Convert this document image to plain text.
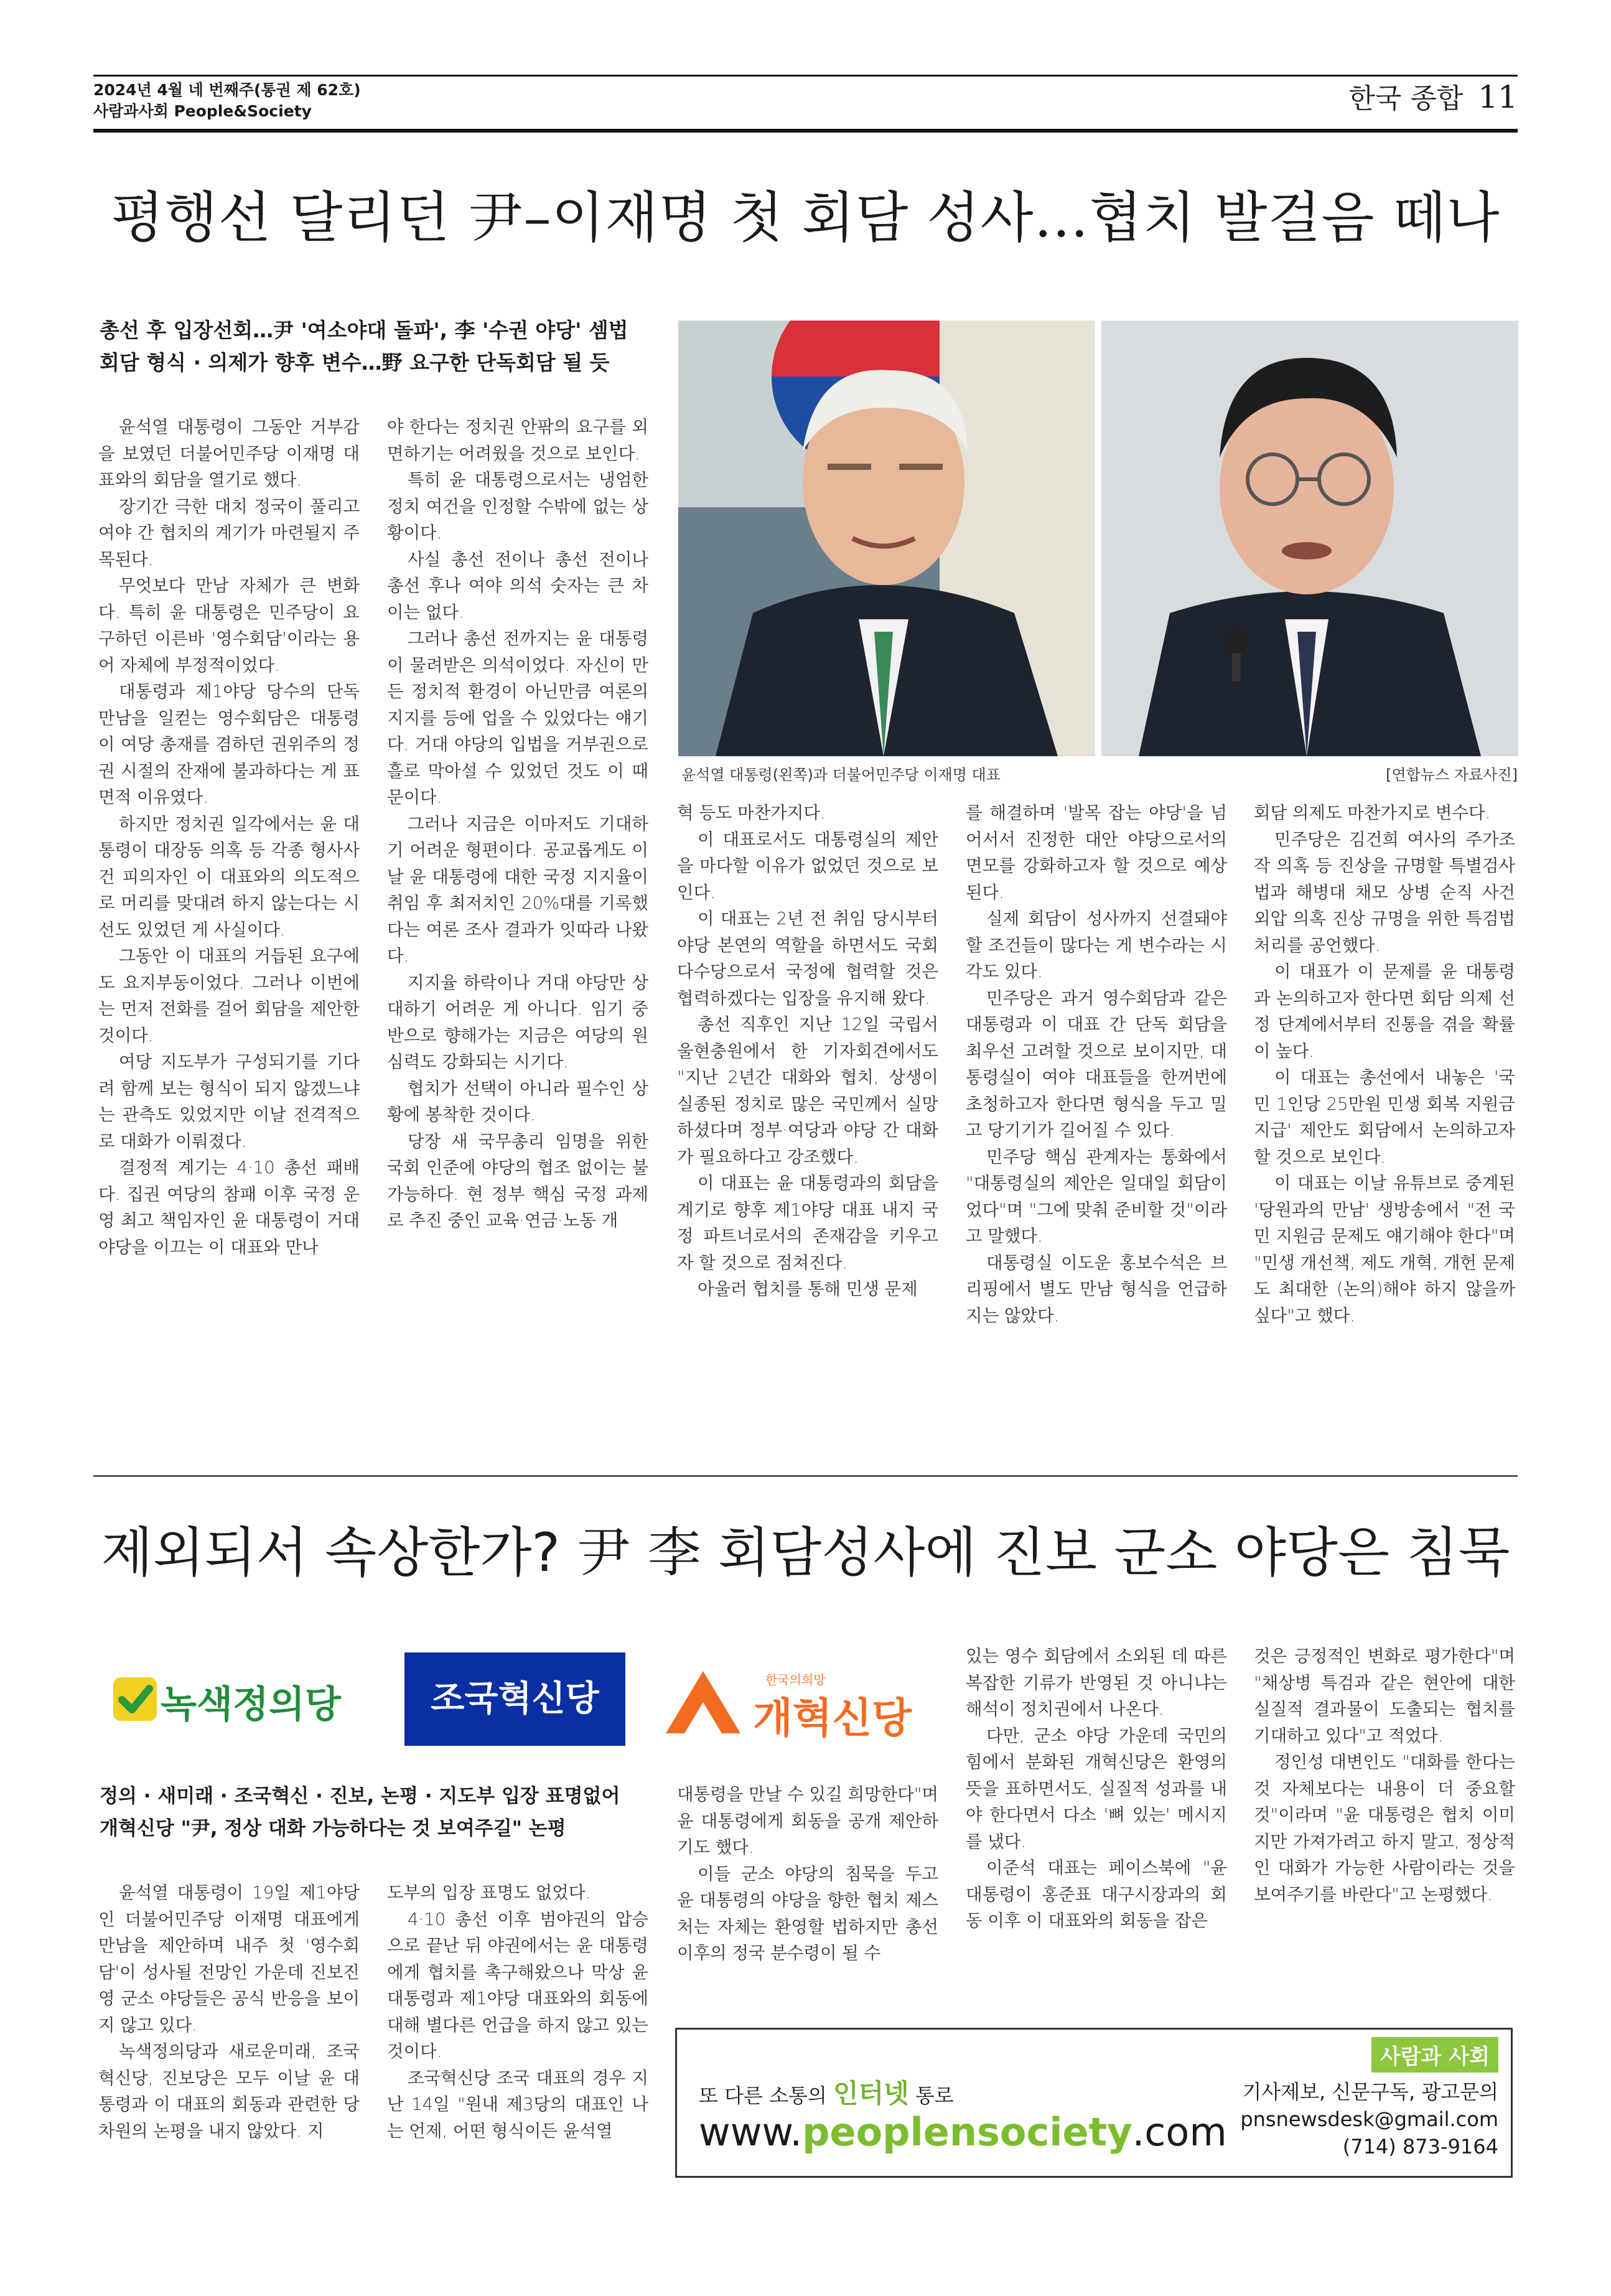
2024년 4월 네 번째주(통권 제 62호)
사람과사회 People&Society	한국 종합 11
평행선 달리던 尹–이재명 첫 회담 성사…협치 발걸음 떼나
총선 후 입장선회…尹 '여소야대 돌파', 李 '수권 야당' 셈법
회담 형식 · 의제가 향후 변수…野 요구한 단독회담 될 듯
윤석열 대통령(왼쪽)과 더불어민주당 이재명 대표	[연합뉴스 자료사진]

윤석열 대통령이 그동안 거부감을 보였던 더불어민주당 이재명 대표와의 회담을 열기로 했다.

장기간 극한 대치 정국이 풀리고 여야 간 협치의 계기가 마련될지 주목된다.

무엇보다 만남 자체가 큰 변화다. 특히 윤 대통령은 민주당이 요구하던 이른바 '영수회담'이라는 용어 자체에 부정적이었다.

대통령과 제1야당 당수의 단독 만남을 일컫는 영수회담은 대통령이 여당 총재를 겸하던 권위주의 정권 시절의 잔재에 불과하다는 게 표면적 이유였다.

하지만 정치권 일각에서는 윤 대통령이 대장동 의혹 등 각종 형사사건 피의자인 이 대표와의 의도적으로 머리를 맞대려 하지 않는다는 시선도 있었던 게 사실이다.

그동안 이 대표의 거듭된 요구에도 요지부동이었다. 그러나 이번에는 먼저 전화를 걸어 회담을 제안한 것이다.

여당 지도부가 구성되기를 기다려 함께 보는 형식이 되지 않겠느냐는 관측도 있었지만 이날 전격적으로 대화가 이뤄졌다.

결정적 계기는 4·10 총선 패배다. 집권 여당의 참패 이후 국정 운영 최고 책임자인 윤 대통령이 거대 야당을 이끄는 이 대표와 만나

야 한다는 정치권 안팎의 요구를 외면하기는 어려웠을 것으로 보인다.

특히 윤 대통령으로서는 냉엄한 정치 여건을 인정할 수밖에 없는 상황이다.

사실 총선 전이나 총선 전이나 총선 후나 여야 의석 숫자는 큰 차이는 없다.

그러나 총선 전까지는 윤 대통령이 물려받은 의석이었다. 자신이 만든 정치적 환경이 아닌만큼 여론의 지지를 등에 업을 수 있었다는 얘기다. 거대 야당의 입법을 거부권으로 흘로 막아설 수 있었던 것도 이 때문이다.

그러나 지금은 이마저도 기대하기 어려운 형편이다. 공교롭게도 이날 윤 대통령에 대한 국정 지지율이 취임 후 최저치인 20%대를 기록했다는 여론 조사 결과가 잇따라 나왔다.

지지율 하락이나 거대 야당만 상대하기 어려운 게 아니다. 임기 중반으로 향해가는 지금은 여당의 원심력도 강화되는 시기다.

협치가 선택이 아니라 필수인 상황에 봉착한 것이다.

당장 새 국무총리 임명을 위한 국회 인준에 야당의 협조 없이는 불가능하다. 현 정부 핵심 국정 과제로 추진 중인 교육·연금·노동 개

혁 등도 마찬가지다.

이 대표로서도 대통령실의 제안을 마다할 이유가 없었던 것으로 보인다.

이 대표는 2년 전 취임 당시부터 야당 본연의 역할을 하면서도 국회 다수당으로서 국정에 협력할 것은 협력하겠다는 입장을 유지해 왔다.

총선 직후인 지난 12일 국립서울현충원에서 한 기자회견에서도 "지난 2년간 대화와 협치, 상생이 실종된 정치로 많은 국민께서 실망하셨다며 정부·여당과 야당 간 대화가 필요하다고 강조했다.

이 대표는 윤 대통령과의 회담을 계기로 향후 제1야당 대표 내지 국정 파트너로서의 존재감을 키우고자 할 것으로 점쳐진다.

아울러 협치를 통해 민생 문제

를 해결하며 '발목 잡는 야당'을 넘어서서 진정한 대안 야당으로서의 면모를 강화하고자 할 것으로 예상된다.

실제 회담이 성사까지 선결돼야 할 조건들이 많다는 게 변수라는 시각도 있다.

민주당은 과거 영수회담과 같은 대통령과 이 대표 간 단독 회담을 최우선 고려할 것으로 보이지만, 대통령실이 여야 대표들을 한꺼번에 초청하고자 한다면 형식을 두고 밀고 당기기가 길어질 수 있다.

민주당 핵심 관계자는 통화에서 "대통령실의 제안은 일대일 회담이었다"며 "그에 맞춰 준비할 것"이라고 말했다.

대통령실 이도운 홍보수석은 브리핑에서 별도 만남 형식을 언급하지는 않았다.

회담 의제도 마찬가지로 변수다.

민주당은 김건희 여사의 주가조작 의혹 등 진상을 규명할 특별검사법과 해병대 채모 상병 순직 사건 외압 의혹 진상 규명을 위한 특검법 처리를 공언했다.

이 대표가 이 문제를 윤 대통령과 논의하고자 한다면 회담 의제 선정 단계에서부터 진통을 겪을 확률이 높다.

이 대표는 총선에서 내놓은 '국민 1인당 25만원 민생 회복 지원금 지급' 제안도 회담에서 논의하고자 할 것으로 보인다.

이 대표는 이날 유튜브로 중계된 '당원과의 만남' 생방송에서 "전 국민 지원금 문제도 얘기해야 한다"며 "민생 개선책, 제도 개혁, 개헌 문제도 최대한 (논의)해야 하지 않을까 싶다"고 했다.

제외되서 속상한가? 尹 李 회담성사에 진보 군소 야당은 침묵
녹색정의당	조국혁신당	한국의희망
개혁신당
정의 · 새미래 · 조국혁신 · 진보, 논평 · 지도부 입장 표명없어
개혁신당 "尹, 정상 대화 가능하다는 것 보여주길" 논평

윤석열 대통령이 19일 제1야당인 더불어민주당 이재명 대표에게 만남을 제안하며 내주 첫 '영수회담'이 성사될 전망인 가운데 진보진영 군소 야당들은 공식 반응을 보이지 않고 있다.

녹색정의당과 새로운미래, 조국혁신당, 진보당은 모두 이날 윤 대통령과 이 대표의 회동과 관련한 당 차원의 논평을 내지 않았다. 지

도부의 입장 표명도 없었다.

4·10 총선 이후 범야권의 압승으로 끝난 뒤 야권에서는 윤 대통령에게 협치를 촉구해왔으나 막상 윤 대통령과 제1야당 대표와의 회동에 대해 별다른 언급을 하지 않고 있는 것이다.

조국혁신당 조국 대표의 경우 지난 14일 "원내 제3당의 대표인 나는 언제, 어떤 형식이든 윤석열

대통령을 만날 수 있길 희망한다"며 윤 대통령에게 회동을 공개 제안하기도 했다.

이들 군소 야당의 침묵을 두고 윤 대통령의 야당을 향한 협치 제스처는 자체는 환영할 법하지만 총선 이후의 정국 분수령이 될 수

있는 영수 회담에서 소외된 데 따른 복잡한 기류가 반영된 것 아니냐는 해석이 정치권에서 나온다.

다만, 군소 야당 가운데 국민의힘에서 분화된 개혁신당은 환영의 뜻을 표하면서도, 실질적 성과를 내야 한다면서 다소 '뼈 있는' 메시지를 냈다.

이준석 대표는 페이스북에 "윤 대통령이 홍준표 대구시장과의 회동 이후 이 대표와의 회동을 잡은

것은 긍정적인 변화로 평가한다"며 "채상병 특검과 같은 현안에 대한 실질적 결과물이 도출되는 협치를 기대하고 있다"고 적었다.

정인성 대변인도 "대화를 한다는 것 자체보다는 내용이 더 중요할 것"이라며 "윤 대통령은 협치 이미지만 가져가려고 하지 말고, 정상적인 대화가 가능한 사람이라는 것을 보여주기를 바란다"고 논평했다.

또 다른 소통의 인터넷 통로
www.peoplensociety.com
사람과 사회
기사제보, 신문구독, 광고문의
pnsnewsdesk@gmail.com
(714) 873-9164
